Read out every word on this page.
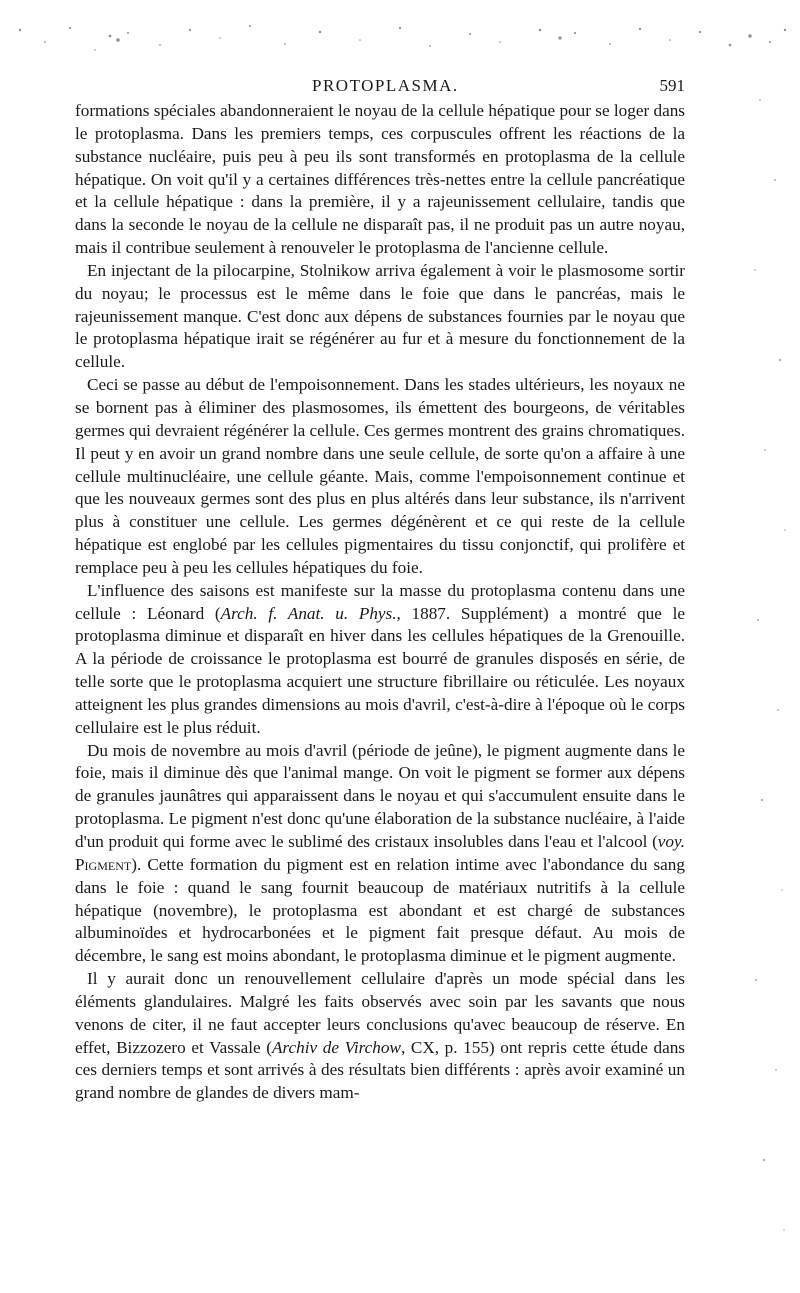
PROTOPLASMA.	591

formations spéciales abandonneraient le noyau de la cellule hépatique pour se loger dans le protoplasma. Dans les premiers temps, ces corpuscules offrent les réactions de la substance nucléaire, puis peu à peu ils sont transformés en protoplasma de la cellule hépatique. On voit qu'il y a certaines différences très-nettes entre la cellule pancréatique et la cellule hépatique : dans la première, il y a rajeunissement cellulaire, tandis que dans la seconde le noyau de la cellule ne disparaît pas, il ne produit pas un autre noyau, mais il contribue seulement à renouveler le protoplasma de l'ancienne cellule.

En injectant de la pilocarpine, Stolnikow arriva également à voir le plasmosome sortir du noyau; le processus est le même dans le foie que dans le pancréas, mais le rajeunissement manque. C'est donc aux dépens de substances fournies par le noyau que le protoplasma hépatique irait se régénérer au fur et à mesure du fonctionnement de la cellule.

Ceci se passe au début de l'empoisonnement. Dans les stades ultérieurs, les noyaux ne se bornent pas à éliminer des plasmosomes, ils émettent des bourgeons, de véritables germes qui devraient régénérer la cellule. Ces germes montrent des grains chromatiques. Il peut y en avoir un grand nombre dans une seule cellule, de sorte qu'on a affaire à une cellule multinucléaire, une cellule géante. Mais, comme l'empoisonnement continue et que les nouveaux germes sont des plus en plus altérés dans leur substance, ils n'arrivent plus à constituer une cellule. Les germes dégénèrent et ce qui reste de la cellule hépatique est englobé par les cellules pigmentaires du tissu conjonctif, qui prolifère et remplace peu à peu les cellules hépatiques du foie.

L'influence des saisons est manifeste sur la masse du protoplasma contenu dans une cellule : Léonard (Arch. f. Anat. u. Phys., 1887. Supplément) a montré que le protoplasma diminue et disparaît en hiver dans les cellules hépatiques de la Grenouille. A la période de croissance le protoplasma est bourré de granules disposés en série, de telle sorte que le protoplasma acquiert une structure fibrillaire ou réticulée. Les noyaux atteignent les plus grandes dimensions au mois d'avril, c'est-à-dire à l'époque où le corps cellulaire est le plus réduit.

Du mois de novembre au mois d'avril (période de jeûne), le pigment augmente dans le foie, mais il diminue dès que l'animal mange. On voit le pigment se former aux dépens de granules jaunâtres qui apparaissent dans le noyau et qui s'accumulent ensuite dans le protoplasma. Le pigment n'est donc qu'une élaboration de la substance nucléaire, à l'aide d'un produit qui forme avec le sublimé des cristaux insolubles dans l'eau et l'alcool (voy. Pigment). Cette formation du pigment est en relation intime avec l'abondance du sang dans le foie : quand le sang fournit beaucoup de matériaux nutritifs à la cellule hépatique (novembre), le protoplasma est abondant et est chargé de substances albuminoïdes et hydrocarbonées et le pigment fait presque défaut. Au mois de décembre, le sang est moins abondant, le protoplasma diminue et le pigment augmente.

Il y aurait donc un renouvellement cellulaire d'après un mode spécial dans les éléments glandulaires. Malgré les faits observés avec soin par les savants que nous venons de citer, il ne faut accepter leurs conclusions qu'avec beaucoup de réserve. En effet, Bizzozero et Vassale (Archiv de Virchow, CX, p. 155) ont repris cette étude dans ces derniers temps et sont arrivés à des résultats bien différents : après avoir examiné un grand nombre de glandes de divers mam-
